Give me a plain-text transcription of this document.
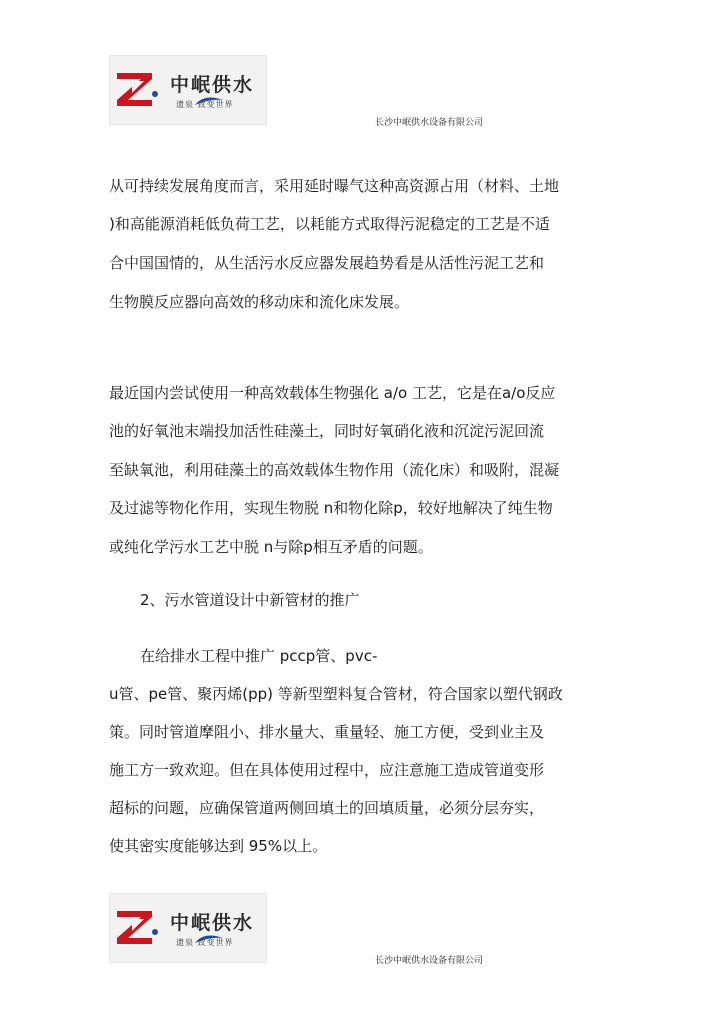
中岷供水
遗泉 致变世界
长沙中岷供水设备有限公司
从可持续发展角度而言，采用延时曝气这种高资源占用（材料、土地
)和高能源消耗低负荷工艺，以耗能方式取得污泥稳定的工艺是不适
合中国国情的，从生活污水反应器发展趋势看是从活性污泥工艺和
生物膜反应器向高效的移动床和流化床发展。
最近国内尝试使用一种高效载体生物强化 a/o 工艺，它是在a/o反应
池的好氧池末端投加活性硅藻土，同时好氧硝化液和沉淀污泥回流
至缺氧池，利用硅藻土的高效载体生物作用（流化床）和吸附，混凝
及过滤等物化作用，实现生物脱 n和物化除p，较好地解决了纯生物
或纯化学污水工艺中脱 n与除p相互矛盾的问题。
2、污水管道设计中新管材的推广
在给排水工程中推广 pccp管、pvc-
u管、pe管、聚丙烯(pp) 等新型塑料复合管材，符合国家以塑代钢政
策。同时管道摩阻小、排水量大、重量轻、施工方便，受到业主及
施工方一致欢迎。但在具体使用过程中，应注意施工造成管道变形
超标的问题，应确保管道两侧回填土的回填质量，必须分层夯实，
使其密实度能够达到 95%以上。
中岷供水
遗泉 致变世界
长沙中岷供水设备有限公司
